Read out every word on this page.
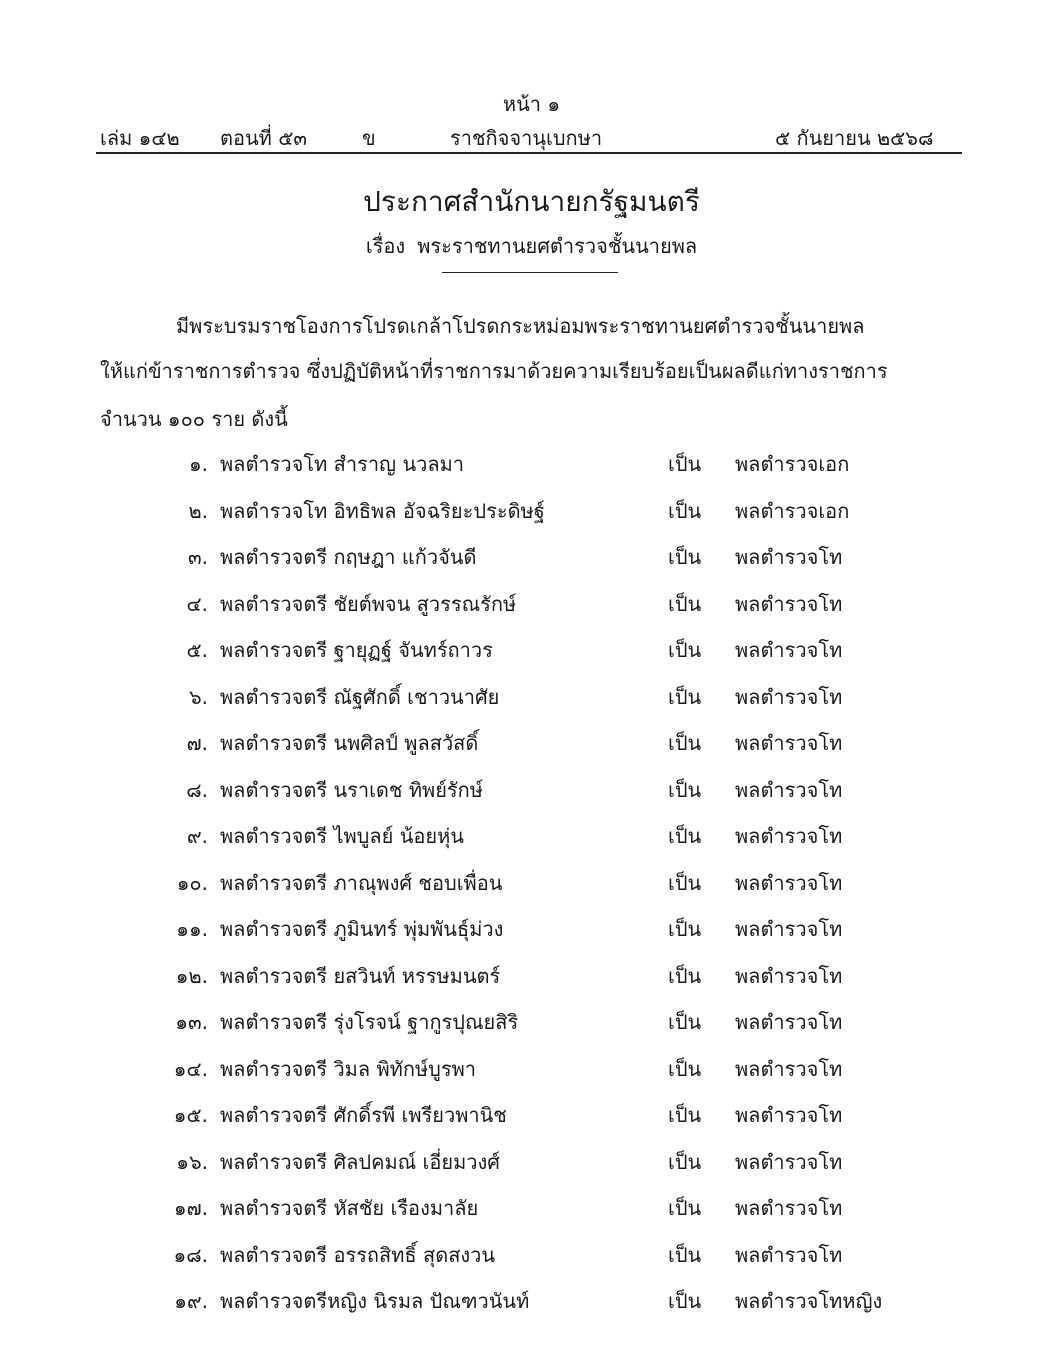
หน้า ๑
เล่ม ๑๔๒ ตอนที่ ๕๓	ข	ราชกิจจานุเบกษา	๕ กันยายน ๒๕๖๘
ประกาศสำนักนายกรัฐมนตรี
เรื่อง พระราชทานยศตำรวจชั้นนายพล
มีพระบรมราชโองการโปรดเกล้าโปรดกระหม่อมพระราชทานยศตำรวจชั้นนายพล
ให้แก่ข้าราชการตำรวจ ซึ่งปฏิบัติหน้าที่ราชการมาด้วยความเรียบร้อยเป็นผลดีแก่ทางราชการ
จำนวน ๑๐๐ ราย ดังนี้
๑. พลตำรวจโท สำราญ นวลมา	เป็น พลตำรวจเอก
๒. พลตำรวจโท อิทธิพล อัจฉริยะประดิษฐ์	เป็น พลตำรวจเอก
๓. พลตำรวจตรี กฤษฎา แก้วจันดี	เป็น พลตำรวจโท
๔. พลตำรวจตรี ชัยต์พจน สูวรรณรักษ์	เป็น พลตำรวจโท
๕. พลตำรวจตรี ฐายุฏฐ์ จันทร์ถาวร	เป็น พลตำรวจโท
๖. พลตำรวจตรี ณัฐศักดิ์ เชาวนาศัย	เป็น พลตำรวจโท
๗. พลตำรวจตรี นพศิลป์ พูลสวัสดิ์	เป็น พลตำรวจโท
๘. พลตำรวจตรี นราเดช ทิพย์รักษ์	เป็น พลตำรวจโท
๙. พลตำรวจตรี ไพบูลย์ น้อยหุ่น	เป็น พลตำรวจโท
๑๐. พลตำรวจตรี ภาณุพงศ์ ชอบเพื่อน	เป็น พลตำรวจโท
๑๑. พลตำรวจตรี ภูมินทร์ พุ่มพันธุ์ม่วง	เป็น พลตำรวจโท
๑๒. พลตำรวจตรี ยสวินท์ หรรษมนตร์	เป็น พลตำรวจโท
๑๓. พลตำรวจตรี รุ่งโรจน์ ฐากูรปุณยสิริ	เป็น พลตำรวจโท
๑๔. พลตำรวจตรี วิมล พิทักษ์บูรพา	เป็น พลตำรวจโท
๑๕. พลตำรวจตรี ศักดิ์รพี เพรียวพานิช	เป็น พลตำรวจโท
๑๖. พลตำรวจตรี ศิลปคมณ์ เอี่ยมวงศ์	เป็น พลตำรวจโท
๑๗. พลตำรวจตรี หัสชัย เรืองมาลัย	เป็น พลตำรวจโท
๑๘. พลตำรวจตรี อรรถสิทธิ์ สุดสงวน	เป็น พลตำรวจโท
๑๙. พลตำรวจตรีหญิง นิรมล ปัณฑวนันท์	เป็น พลตำรวจโทหญิง
